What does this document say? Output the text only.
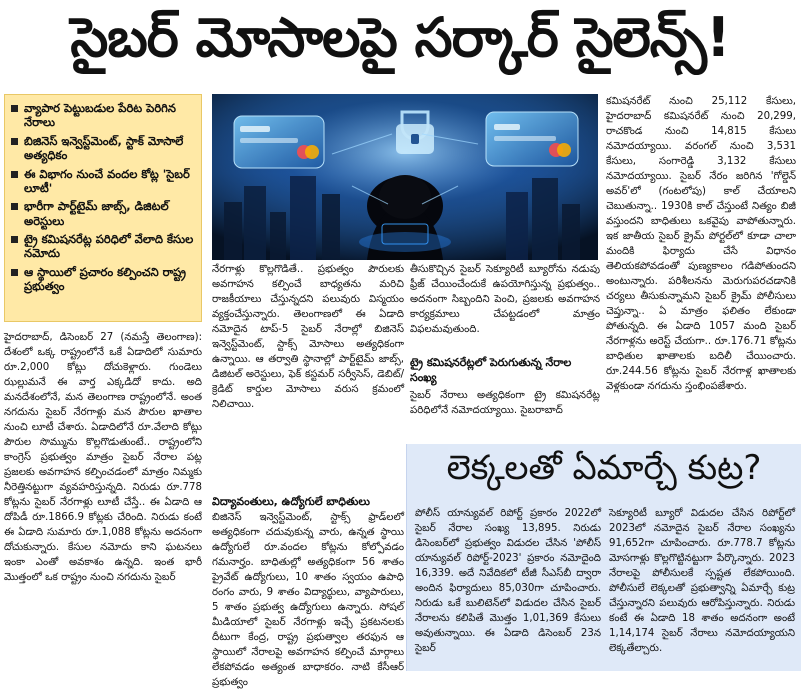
సైబర్ మోసాలపై సర్కార్ సైలెన్స్!
వ్యాపార పెట్టుబడుల పేరిట పెరిగిన నేరాలు
బిజినెస్ ఇన్వెస్ట్‌మెంట్, స్టాక్ మోసాలే అత్యధికం
ఈ విభాగం నుంచే వందల కోట్ల 'సైబర్ లూటీ'
భారీగా పార్ట్‌టైమ్ జాబ్స్, డిజిటల్ అరెస్టులు
ట్రై కమిషనరేట్ల పరిధిలో వేలాది కేసుల నమోదు
ఆ స్థాయిలో ప్రచారం కల్పించని రాష్ట్ర ప్రభుత్వం

హైదరాబాద్, డిసెంబర్ 27 (నమస్తే తెలంగాణ): దేశంలో ఒక్క రాష్ట్రంలోనే ఒకే ఏడాదిలో సుమారు రూ.2,000 కోట్లు దోచుకెళ్లారు. గుండెలు ఝల్లుమనే ఈ వార్త ఎక్కడిదో కాదు. అది మనదేశంలోనే, మన తెలంగాణ రాష్ట్రంలోనే. అంత నగదును సైబర్ నేరగాళ్లు మన పౌరుల ఖాతాల నుంచి లూటీ చేశారు. ఏడాదిలోనే రూ.వేలాది కోట్లు పౌరుల సొమ్మును కొల్లగొడుతుంటే.. రాష్ట్రంలోని కాంగ్రెస్ ప్రభుత్వం మాత్రం సైబర్ నేరాల పట్ల ప్రజలకు అవగాహన కల్పించడంలో మాత్రం నిమ్మకు నీరెత్తినట్టుగా వ్యవహరిస్తున్నది. నిరుడు రూ.778 కోట్లను సైబర్ నేరగాళ్లు లూటీ చేస్తే.. ఈ ఏడాది ఆ దోపిడీ రూ.1866.9 కోట్లకు చేరింది. నిరుడు కంటే ఈ ఏడాది సుమారు రూ.1,088 కోట్లను అదనంగా దోచుకున్నారు. కేసుల నమోదు కాని ఘటనలు ఇంకా ఎంతో అవకాశం ఉన్నది. ఇంత భారీ మొత్తంలో ఒక రాష్ట్రం నుంచి నగదును సైబర్

నేరగాళ్లు కొల్లగొడితే.. ప్రభుత్వం పౌరులకు అవగాహన కల్పించే బాధ్యతను మరిచి రాజకీయాలు చేస్తున్నదని పలువురు విస్మయం వ్యక్తంచేస్తున్నారు. తెలంగాణలో ఈ ఏడాది నమోదైన టాప్-5 సైబర్ నేరాల్లో బిజినెస్ ఇన్వెస్ట్‌మెంట్, స్టాక్స్ మోసాలు అత్యధికంగా ఉన్నాయి. ఆ తర్వాతి స్థానాల్లో పార్ట్‌టైమ్ జాబ్స్, డిజిటల్ అరెస్టులు, ఫెక్ కస్టమర్ సర్వీసెస్, డెబిట్/క్రెడిట్ కార్డుల మోసాలు వరుస క్రమంలో నిలిచాయి.

తీసుకొచ్చిన సైబర్ సెక్యూరిటీ బ్యూరోను నడుపు ఫ్రీజ్ చేయించేందుకే ఉపయోగిస్తున్న ప్రభుత్వం.. అదనంగా సిబ్బందిని పెంచి, ప్రజలకు అవగాహన కార్యక్రమాలు చేపట్టడంలో మాత్రం విఫలమవుతుంది.

ట్రై కమిషనరేట్లలో పెరుగుతున్న నేరాల సంఖ్య

సైబర్ నేరాలు అత్యధికంగా ట్రై కమిషనరేట్ల పరిధిలోనే నమోదయ్యాయి. సైబరాబాద్

కమిషనరేట్ నుంచి 25,112 కేసులు, హైదరాబాద్ కమిషనరేట్ నుంచి 20,299, రాచకొండ నుంచి 14,815 కేసులు నమోదయ్యాయి. వరంగల్ నుంచి 3,531 కేసులు, సంగారెడ్డి 3,132 కేసులు నమోదయ్యాయి. సైబర్ నేరం జరిగిన 'గోల్డెన్ అవర్'లో (గంటలోపు) కాల్ చేయాలని చెబుతున్నా.. 1930కి కాల్ చేస్తుంటే నిత్యం బిజీ వస్తుందని బాధితులు ఒకవైపు వాపోతున్నారు. ఇక జాతీయ సైబర్ క్రైమ్ పోర్టల్‌లో కూడా చాలా మందికి ఫిర్యాదు చేసే విధానం తెలియకపోవడంతో పుణ్యకాలం గడిపోతుందని అంటున్నారు. పరిశీలనను మెరుగుపరచడానికి చర్యలు తీసుకున్నామని సైబర్ క్రైమ్ పోలీసులు చెప్తున్నా.. ఏ మాత్రం ఫలితం లేకుండా పోతున్నది. ఈ ఏడాది 1057 మంది సైబర్ నేరగాళ్లను అరెస్ట్ చేయగా.. రూ.176.71 కోట్లను బాధితుల ఖాతాలకు బదిలీ చేయించారు. రూ.244.56 కోట్లను సైబర్ నేరగాళ్ల ఖాతాలకు వెళ్లకుండా నగదును స్తంభింపజేశారు.

విద్యావంతులు, ఉద్యోగులే బాధితులు

బిజినెస్ ఇన్వెస్ట్‌మెంట్, స్టాక్స్ ఫ్రాడ్‌లలో అత్యధికంగా చదువుకున్న వారు, ఉన్నత స్థాయి ఉద్యోగులే రూ.వందల కోట్లను కోల్పోవడం గమనార్హం. బాధితుల్లో అత్యధికంగా 56 శాతం ప్రైవేట్ ఉద్యోగులు, 10 శాతం స్వయం ఉపాధి రంగం వారు, 9 శాతం విద్యార్థులు, వ్యాపారులు, 5 శాతం ప్రభుత్వ ఉద్యోగులు ఉన్నారు. సోషల్ మీడియాలో సైబర్ నేరగాళ్లు ఇచ్చే ప్రకటనలకు దీటుగా కేంద్ర, రాష్ట్ర ప్రభుత్వాల తరఫున ఆ స్థాయిలో నేరాలపై అవగాహన కల్పించే మార్గాలు లేకపోవడం అత్యంత బాధాకరం. నాటి కేసీఆర్ ప్రభుత్వం

లెక్కలతో ఏమార్చే కుట్ర?

పోలీస్ యాన్యువల్ రిపోర్ట్ ప్రకారం 2022లో సైబర్ నేరాల సంఖ్య 13,895. నిరుడు డిసెంబర్‌లో ప్రభుత్వం విడుదల చేసిన 'పోలీస్ యాన్యువల్ రిపోర్ట్-2023' ప్రకారం నమోదైంది 16,339. అదే నివేదికలో టీజీ సీఎస్‌బీ ద్వారా అందిన ఫిర్యాదులు 85,030గా చూపించారు. నిరుడు ఒకే బులిటెన్‌లో విడుదల చేసిన సైబర్ నేరాలను కలిపితే మొత్తం 1,01,369 కేసులు అవుతున్నాయి. ఈ ఏడాది డిసెంబర్ 23న సైబర్

సెక్యూరిటీ బ్యూరో విడుదల చేసిన రిపోర్ట్‌లో 2023లో నమోదైన సైబర్ నేరాల సంఖ్యను 91,652గా చూపించారు. రూ.778.7 కోట్లను మోసగాళ్లు కొల్లగొట్టినట్టుగా పేర్కొన్నారు. 2023 నేరాలపై పోలీసులకే స్పష్టత లేకపోయింది. పోలీసులే లెక్కలతో ప్రభుత్వాన్ని ఏమార్చే కుట్ర చేస్తున్నారని పలువురు ఆరోపిస్తున్నారు. నిరుడు కంటే ఈ ఏడాది 18 శాతం అదనంగా అంటే 1,14,174 సైబర్ నేరాలు నమోదయ్యాయని లెక్కతేల్చారు.
